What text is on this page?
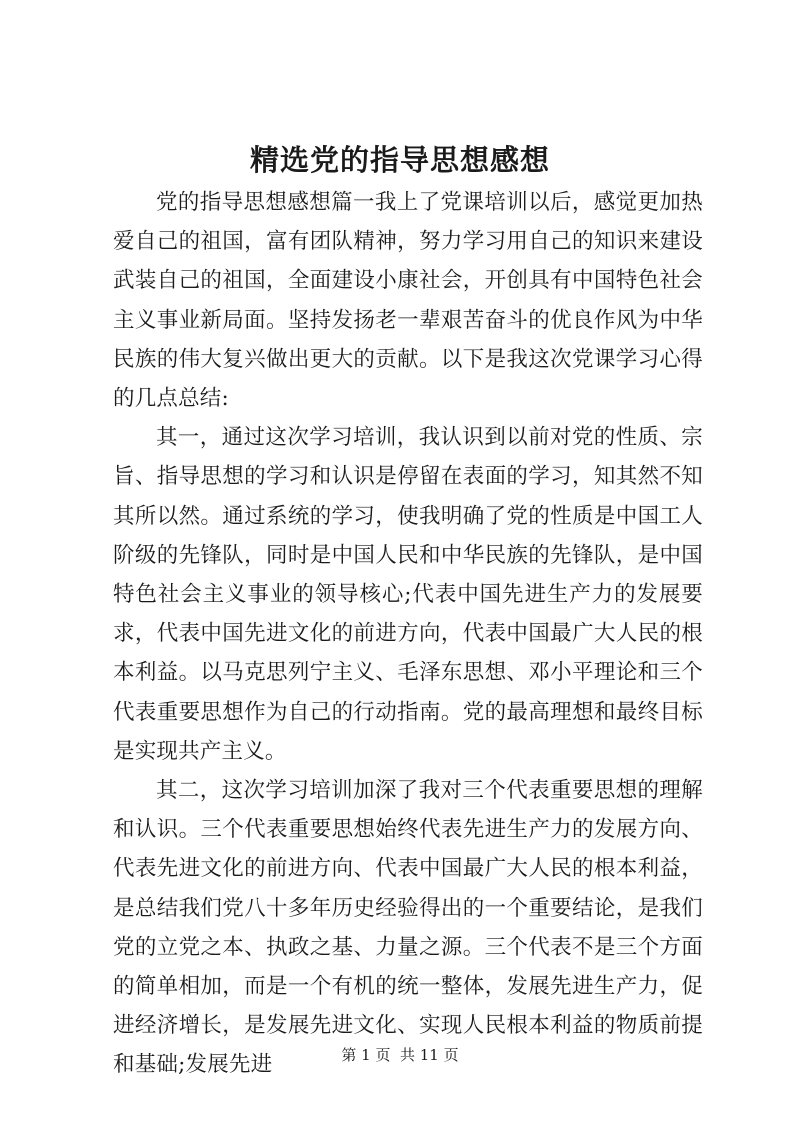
精选党的指导思想感想

党的指导思想感想篇一我上了党课培训以后，感觉更加热爱自己的祖国，富有团队精神，努力学习用自己的知识来建设武装自己的祖国，全面建设小康社会，开创具有中国特色社会主义事业新局面。坚持发扬老一辈艰苦奋斗的优良作风为中华民族的伟大复兴做出更大的贡献。以下是我这次党课学习心得的几点总结:

其一，通过这次学习培训，我认识到以前对党的性质、宗旨、指导思想的学习和认识是停留在表面的学习，知其然不知其所以然。通过系统的学习，使我明确了党的性质是中国工人阶级的先锋队，同时是中国人民和中华民族的先锋队，是中国特色社会主义事业的领导核心;代表中国先进生产力的发展要求，代表中国先进文化的前进方向，代表中国最广大人民的根本利益。以马克思列宁主义、毛泽东思想、邓小平理论和三个代表重要思想作为自己的行动指南。党的最高理想和最终目标是实现共产主义。

其二，这次学习培训加深了我对三个代表重要思想的理解和认识。三个代表重要思想始终代表先进生产力的发展方向、代表先进文化的前进方向、代表中国最广大人民的根本利益，是总结我们党八十多年历史经验得出的一个重要结论，是我们党的立党之本、执政之基、力量之源。三个代表不是三个方面的简单相加，而是一个有机的统一整体，发展先进生产力，促进经济增长，是发展先进文化、实现人民根本利益的物质前提和基础;发展先进	第 1 页  共 11 页
